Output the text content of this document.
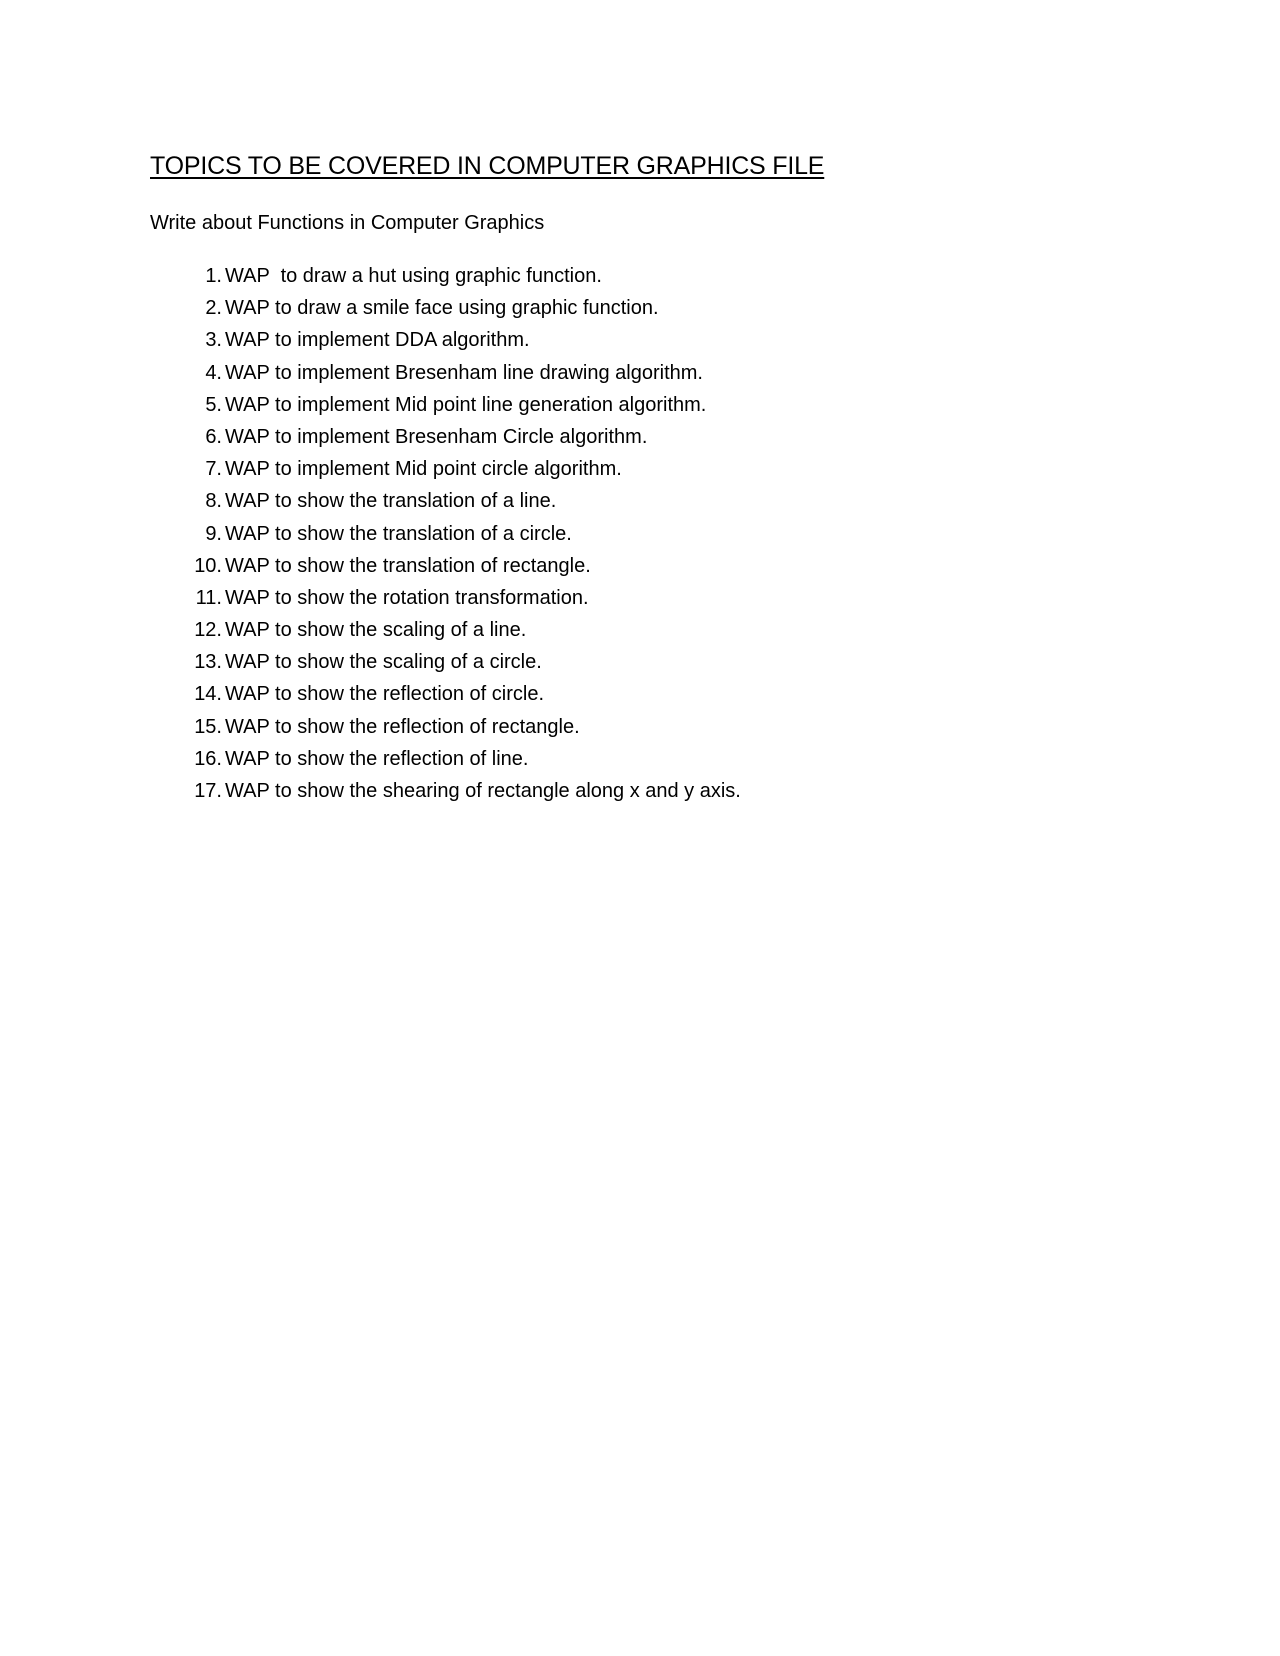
TOPICS TO BE COVERED IN COMPUTER GRAPHICS FILE

Write about Functions in Computer Graphics

1. WAP  to draw a hut using graphic function.
2. WAP to draw a smile face using graphic function.
3. WAP to implement DDA algorithm.
4. WAP to implement Bresenham line drawing algorithm.
5. WAP to implement Mid point line generation algorithm.
6. WAP to implement Bresenham Circle algorithm.
7. WAP to implement Mid point circle algorithm.
8. WAP to show the translation of a line.
9. WAP to show the translation of a circle.
10. WAP to show the translation of rectangle.
11. WAP to show the rotation transformation.
12. WAP to show the scaling of a line.
13. WAP to show the scaling of a circle.
14. WAP to show the reflection of circle.
15. WAP to show the reflection of rectangle.
16. WAP to show the reflection of line.
17. WAP to show the shearing of rectangle along x and y axis.
